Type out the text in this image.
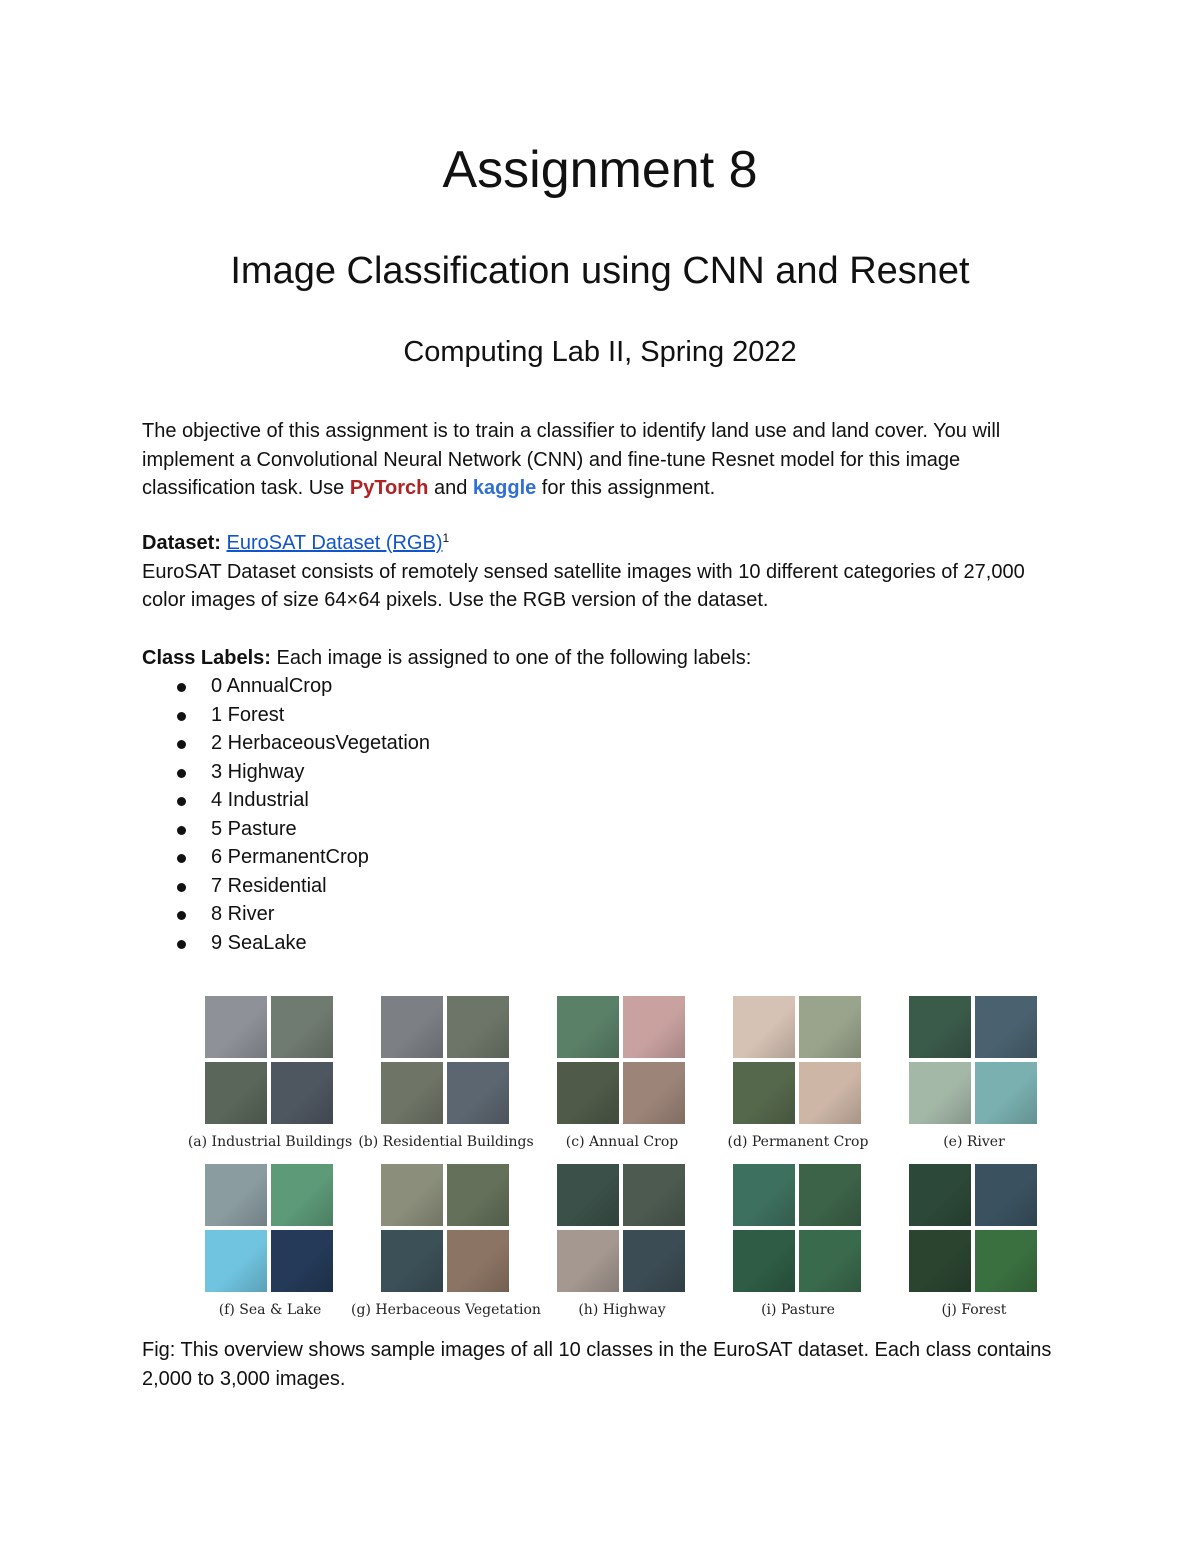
Assignment 8
Image Classification using CNN and Resnet
Computing Lab II, Spring 2022

The objective of this assignment is to train a classifier to identify land use and land cover. You will implement a Convolutional Neural Network (CNN) and fine-tune Resnet model for this image classification task. Use PyTorch and kaggle for this assignment.

Dataset: EuroSAT Dataset (RGB)$^1$
EuroSAT Dataset consists of remotely sensed satellite images with 10 different categories of 27,000 color images of size 64×64 pixels. Use the RGB version of the dataset.

Class Labels: Each image is assigned to one of the following labels:

0 AnnualCrop
1 Forest
2 HerbaceousVegetation
3 Highway
4 Industrial
5 Pasture
6 PermanentCrop
7 Residential
8 River
9 SeaLake
(a) Industrial Buildings (b) Residential Buildings	(c) Annual Crop	(d) Permanent Crop	(e) River
(f) Sea & Lake	(g) Herbaceous Vegetation	(h) Highway	(i) Pasture	(j) Forest

Fig: This overview shows sample images of all 10 classes in the EuroSAT dataset. Each class contains 2,000 to 3,000 images.
